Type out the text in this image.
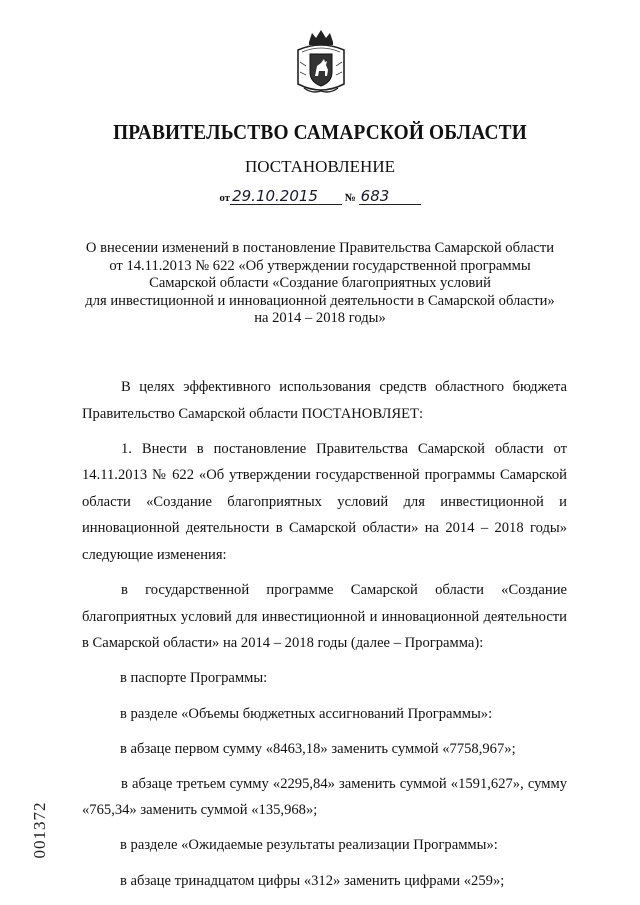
ПРАВИТЕЛЬСТВО САМАРСКОЙ ОБЛАСТИ
ПОСТАНОВЛЕНИЕ
от 29.10.2015 № 683
О внесении изменений в постановление Правительства Самарской области
от 14.11.2013 № 622 «Об утверждении государственной программы
Самарской области «Создание благоприятных условий
для инвестиционной и инновационной деятельности в Самарской области»
на 2014 – 2018 годы»

В целях эффективного использования средств областного бюджета Правительство Самарской области ПОСТАНОВЛЯЕТ:

1. Внести в постановление Правительства Самарской области от 14.11.2013 № 622 «Об утверждении государственной программы Самарской области «Создание благоприятных условий для инвестиционной и инновационной деятельности в Самарской области» на 2014 – 2018 годы» следующие изменения:

в государственной программе Самарской области «Создание благоприятных условий для инвестиционной и инновационной деятельности в Самарской области» на 2014 – 2018 годы (далее – Программа):

в паспорте Программы:

в разделе «Объемы бюджетных ассигнований Программы»:

в абзаце первом сумму «8463,18» заменить суммой «7758,967»;

в абзаце третьем сумму «2295,84» заменить суммой «1591,627», сумму «765,34» заменить суммой «135,968»;

в разделе «Ожидаемые результаты реализации Программы»:

в абзаце тринадцатом цифры «312» заменить цифрами «259»;

001372
